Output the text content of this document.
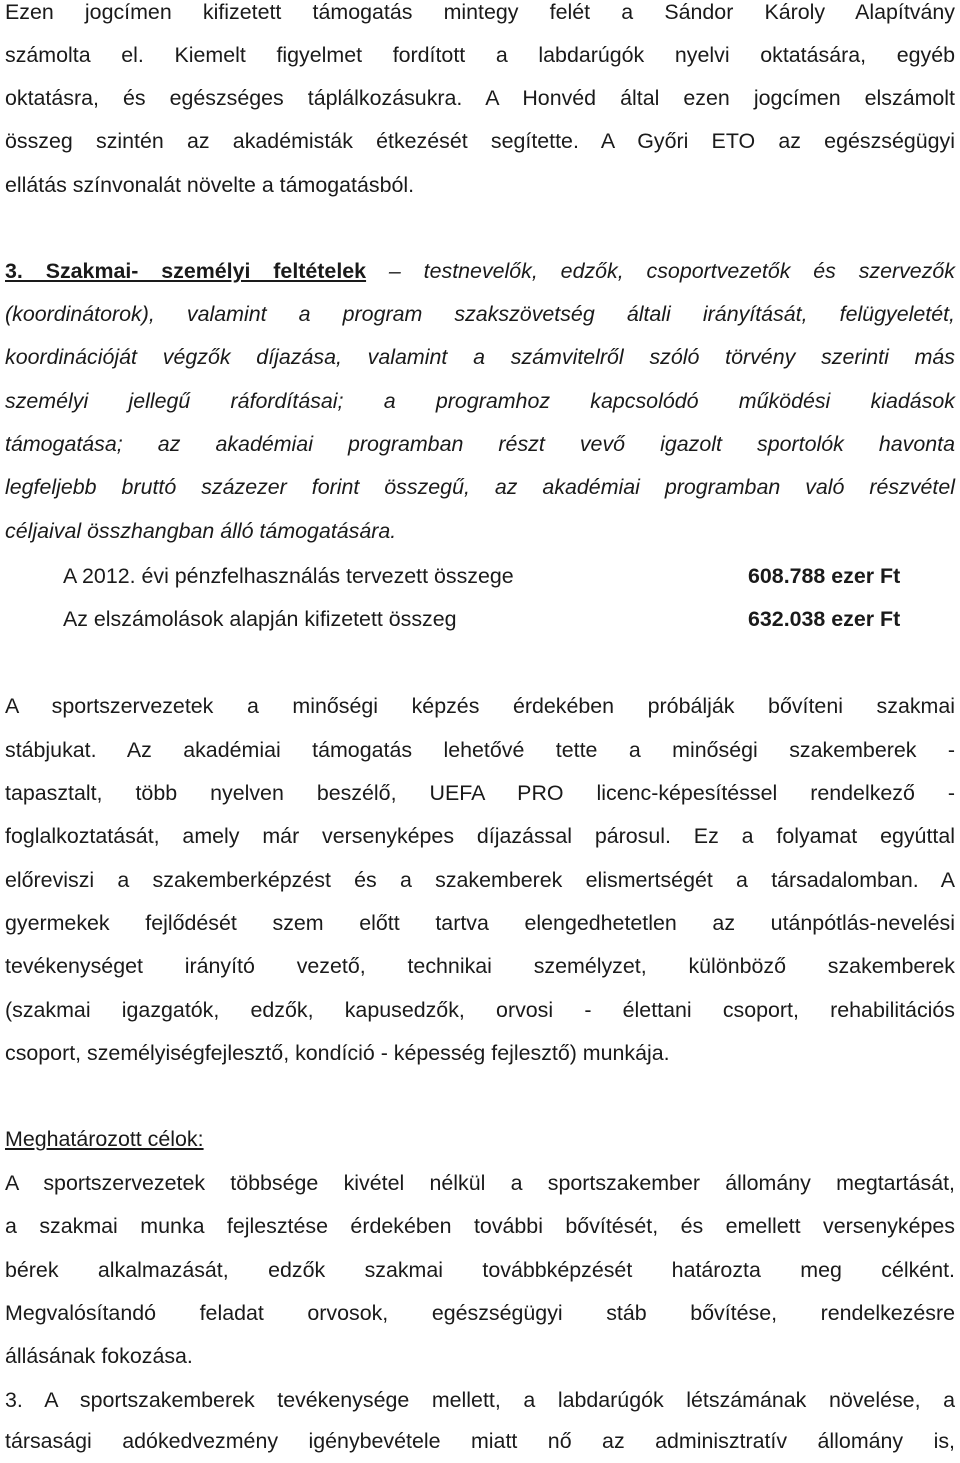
Ezen jogcímen kifizetett támogatás mintegy felét a Sándor Károly Alapítvány
számolta el. Kiemelt figyelmet fordított a labdarúgók nyelvi oktatására, egyéb
oktatásra, és egészséges táplálkozásukra. A Honvéd által ezen jogcímen elszámolt
összeg szintén az akadémisták étkezését segítette. A Győri ETO az egészségügyi
ellátás színvonalát növelte a támogatásból.
3. Szakmai- személyi feltételek – testnevelők, edzők, csoportvezetők és szervezők
(koordinátorok), valamint a program szakszövetség általi irányítását, felügyeletét,
koordinációját végzők díjazása, valamint a számvitelről szóló törvény szerinti más
személyi jellegű ráfordításai; a programhoz kapcsolódó működési kiadások
támogatása; az akadémiai programban részt vevő igazolt sportolók havonta
legfeljebb bruttó százezer forint összegű, az akadémiai programban való részvétel
céljaival összhangban álló támogatására.
A 2012. évi pénzfelhasználás tervezett összege	608.788 ezer Ft
Az elszámolások alapján kifizetett összeg	632.038 ezer Ft
A sportszervezetek a minőségi képzés érdekében próbálják bővíteni szakmai
stábjukat. Az akadémiai támogatás lehetővé tette a minőségi szakemberek -
tapasztalt, több nyelven beszélő, UEFA PRO licenc-képesítéssel rendelkező -
foglalkoztatását, amely már versenyképes díjazással párosul. Ez a folyamat egyúttal
előreviszi a szakemberképzést és a szakemberek elismertségét a társadalomban. A
gyermekek fejlődését szem előtt tartva elengedhetetlen az utánpótlás-nevelési
tevékenységet irányító vezető, technikai személyzet, különböző szakemberek
(szakmai igazgatók, edzők, kapusedzők, orvosi - élettani csoport, rehabilitációs
csoport, személyiségfejlesztő, kondíció - képesség fejlesztő) munkája.
Meghatározott célok:
A sportszervezetek többsége kivétel nélkül a sportszakember állomány megtartását,
a szakmai munka fejlesztése érdekében további bővítését, és emellett versenyképes
bérek alkalmazását, edzők szakmai továbbképzését határozta meg célként.
Megvalósítandó feladat orvosok, egészségügyi stáb bővítése, rendelkezésre
állásának fokozása.
3. A sportszakemberek tevékenysége mellett, a labdarúgók létszámának növelése, a
társasági adókedvezmény igénybevétele miatt nő az adminisztratív állomány is,
